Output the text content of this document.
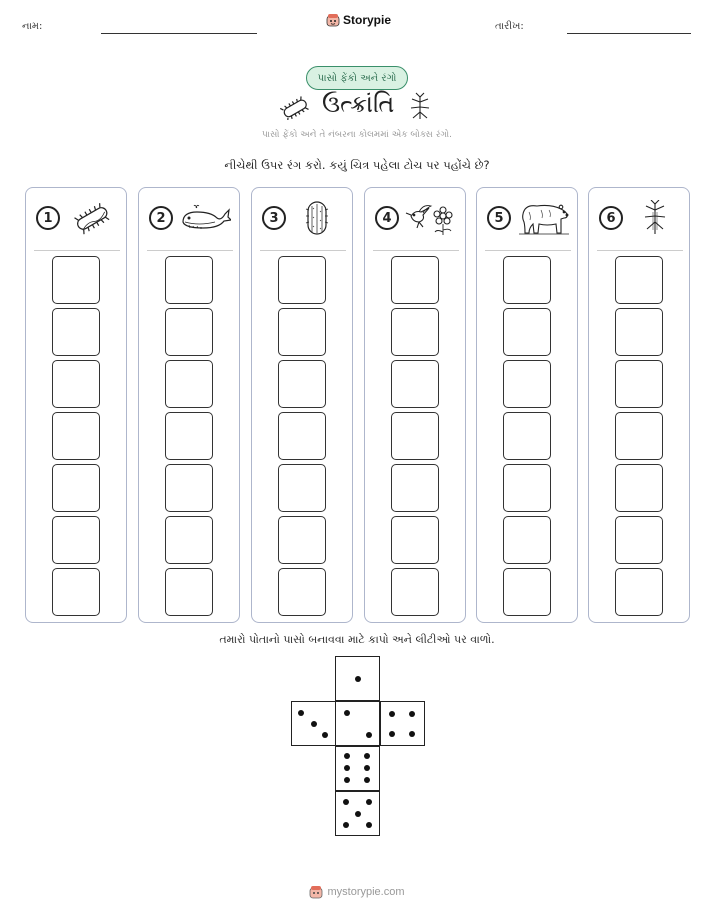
નામ:	Storypie	તારીખ:
પાસો ફેંકો અને રંગો
ઉત્ક્રાંતિ
પાસો ફેંકો અને તે નંબરના કોલમમાં એક બોક્સ રંગો.
નીચેથી ઉપર રંગ કરો. કયું ચિત્ર પહેલા ટોચ પર પહોંચે છે?
1	2	3	4	5	6
તમારો પોતાનો પાસો બનાવવા માટે કાપો અને લીટીઓ પર વાળો.
mystorypie.com
